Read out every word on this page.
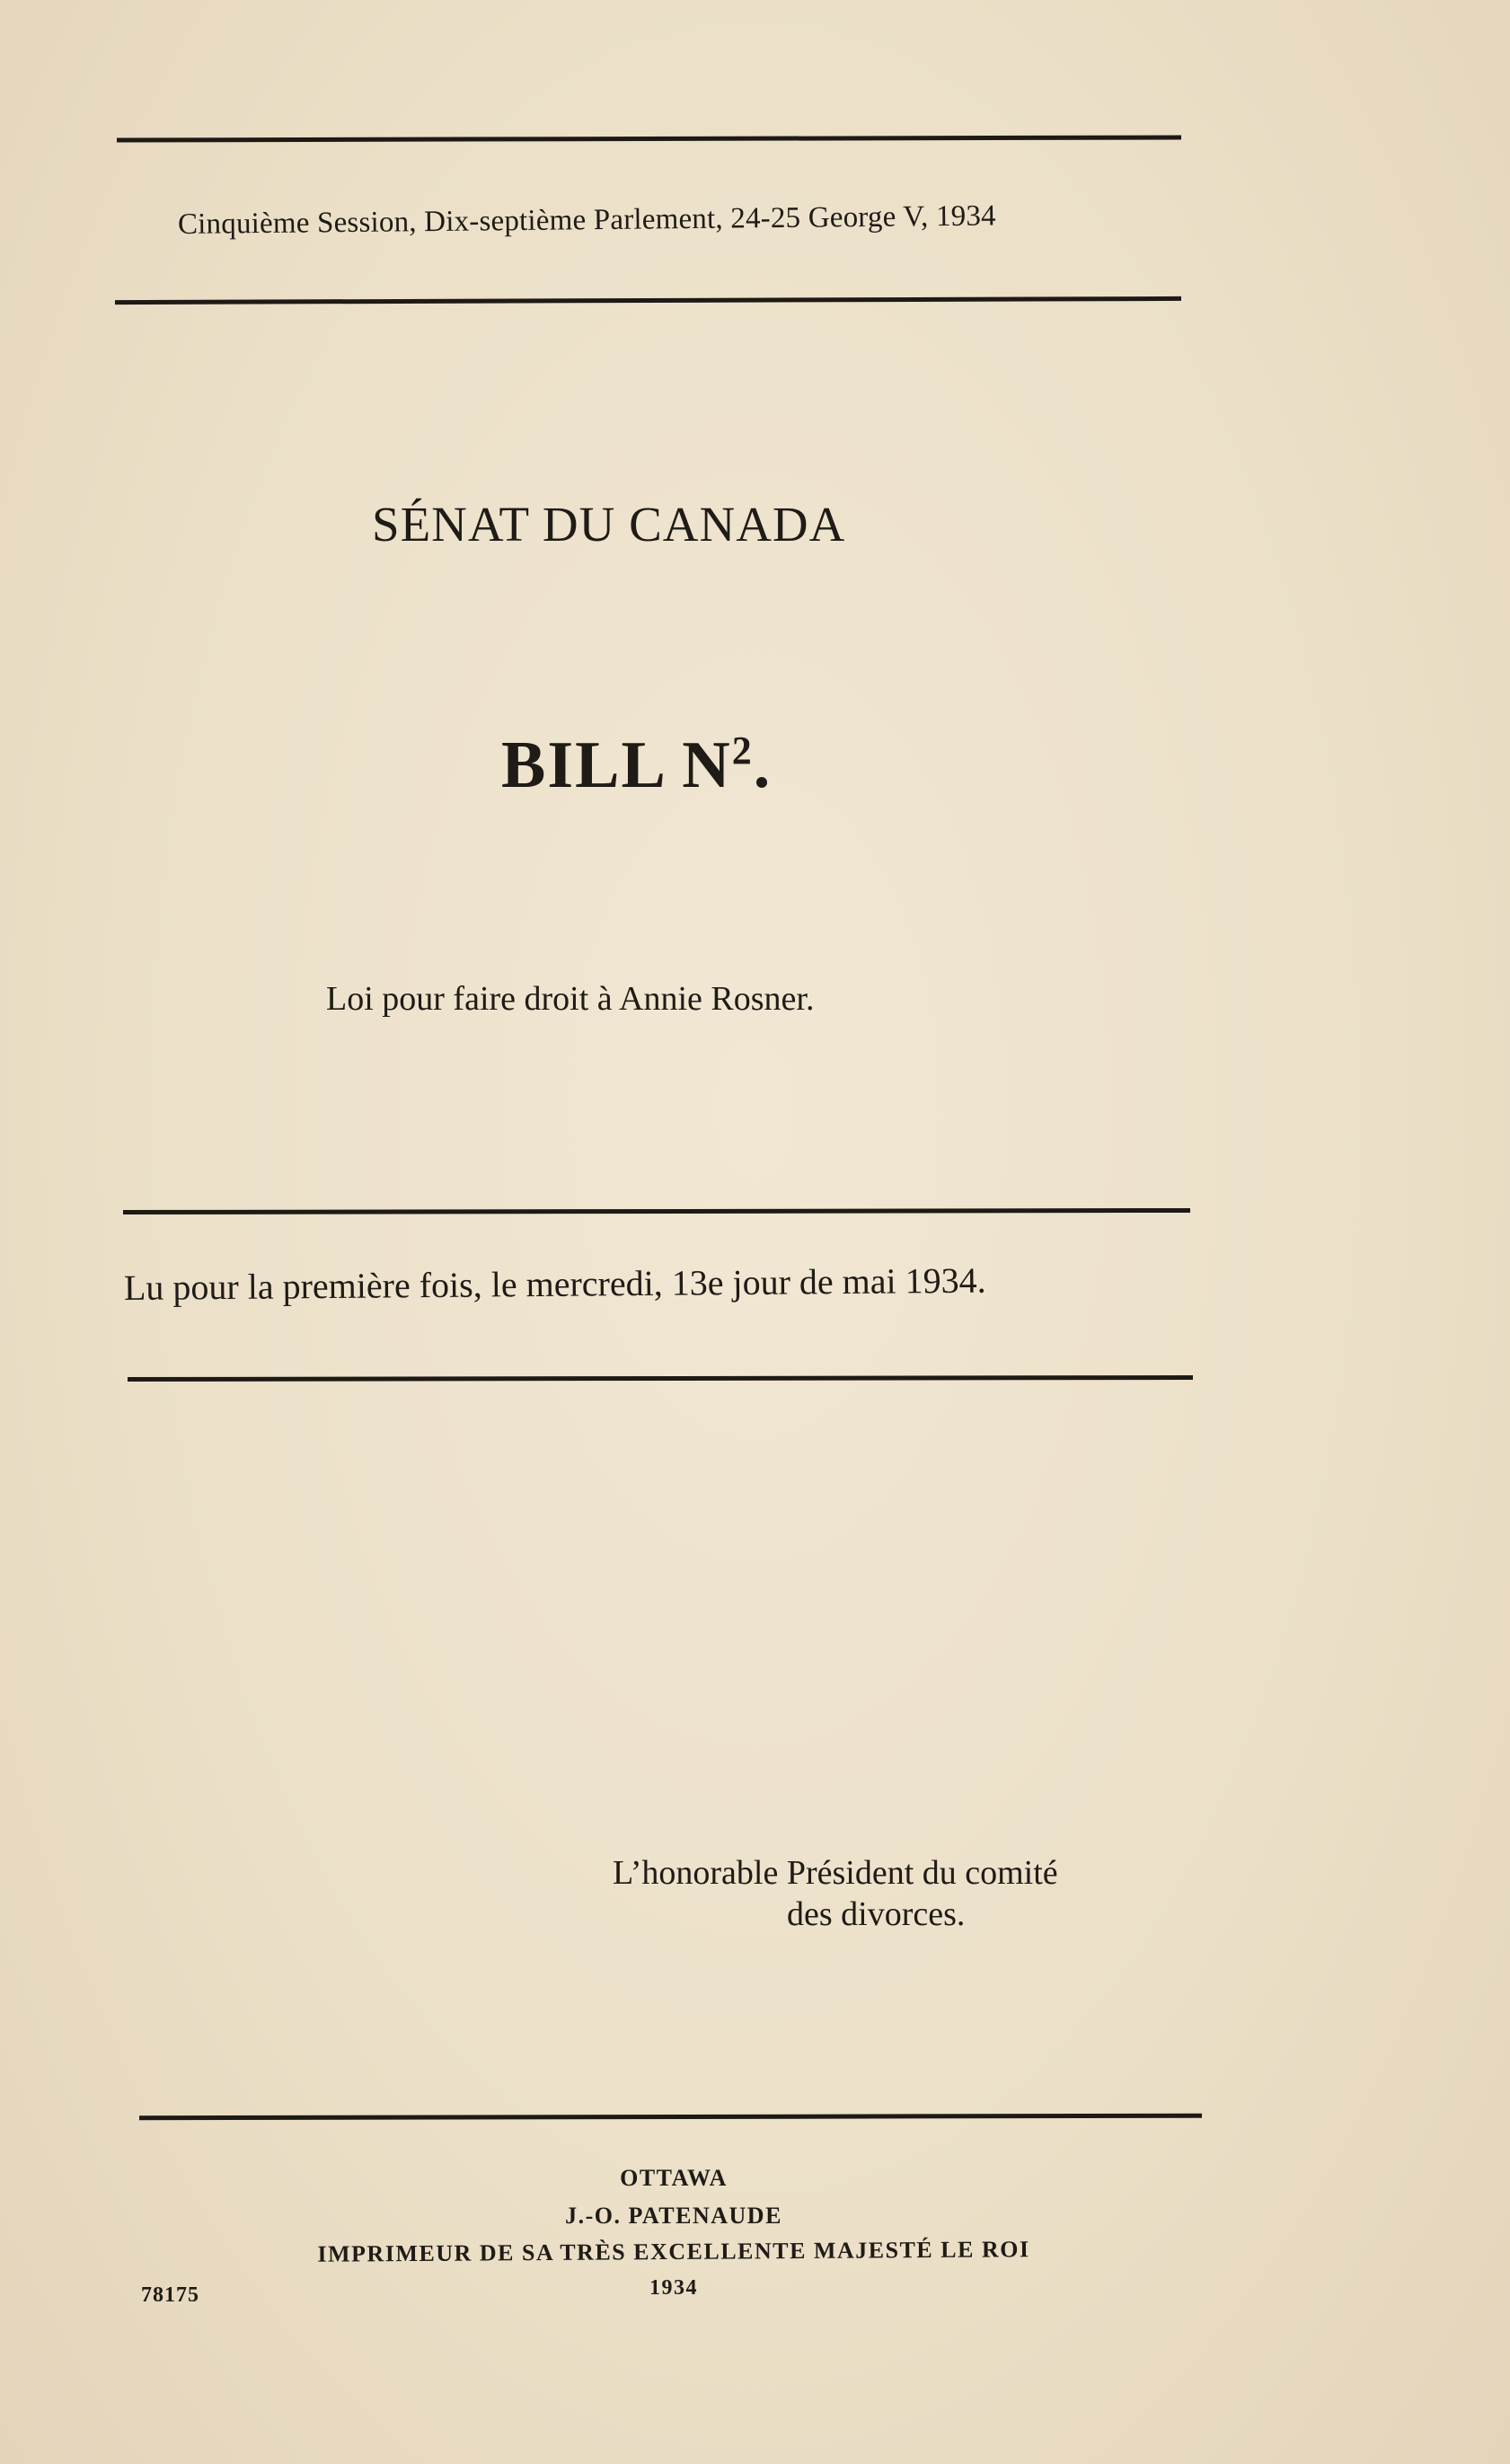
Cinquième Session, Dix-septième Parlement, 24-25 George V, 1934
SÉNAT DU CANADA
BILL $N^2$.
Loi pour faire droit à Annie Rosner.
Lu pour la première fois, le mercredi, 13e jour de mai 1934.
L’honorable Président du comité
des divorces.
OTTAWA
J.-O. PATENAUDE
IMPRIMEUR DE SA TRÈS EXCELLENTE MAJESTÉ LE ROI
1934
78175
